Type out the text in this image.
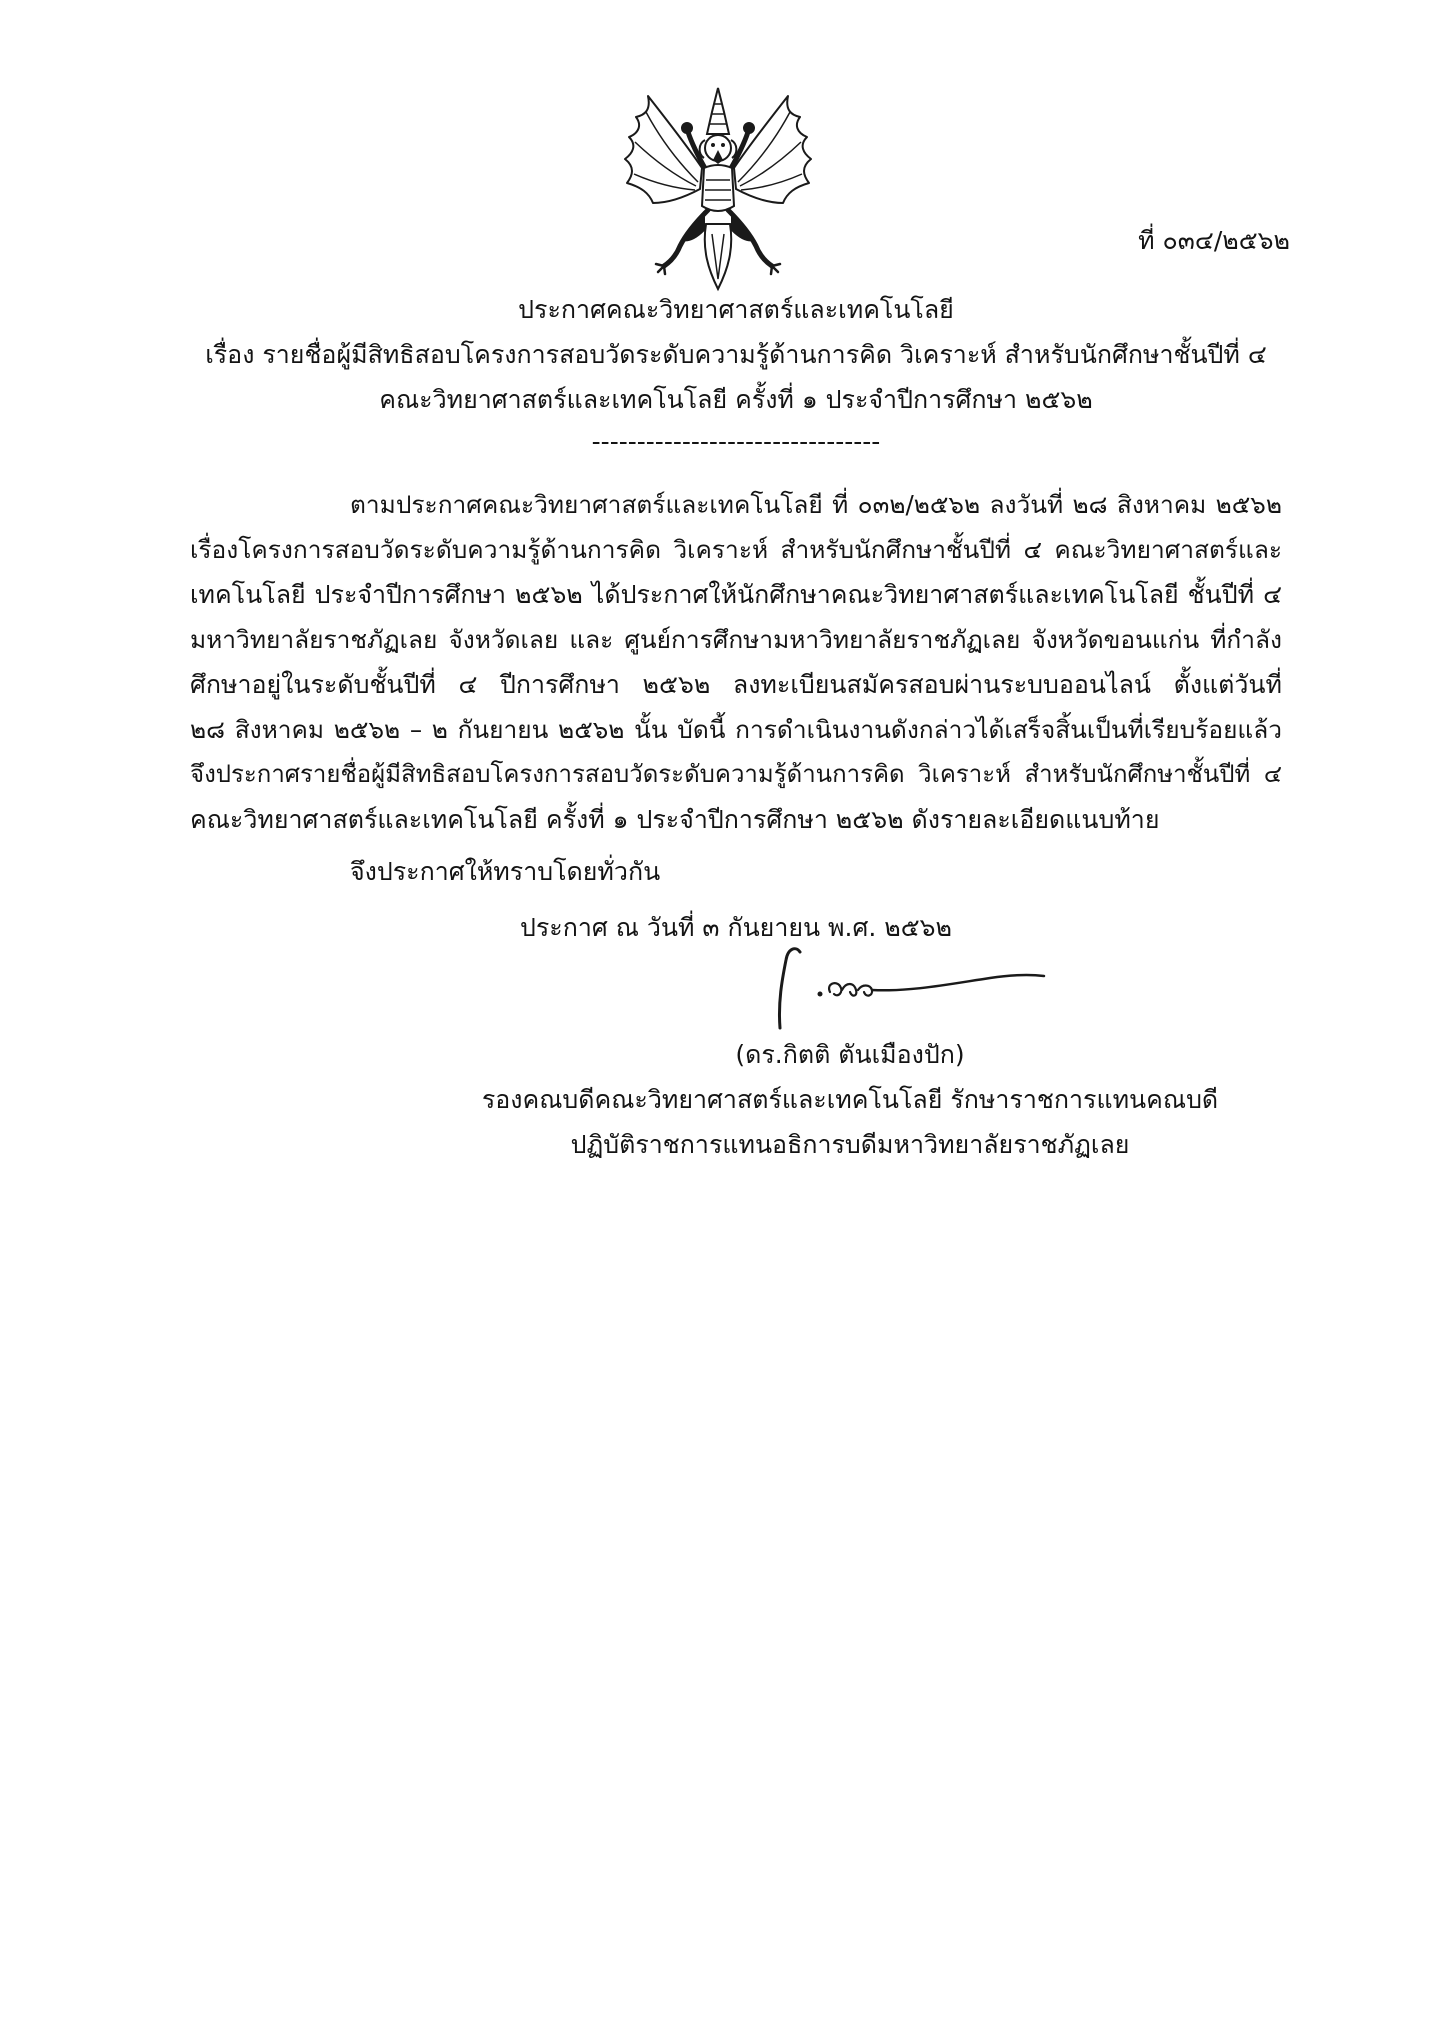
ที่ ๐๓๔/๒๕๖๒
ประกาศคณะวิทยาศาสตร์และเทคโนโลยี
เรื่อง รายชื่อผู้มีสิทธิสอบโครงการสอบวัดระดับความรู้ด้านการคิด วิเคราะห์ สำหรับนักศึกษาชั้นปีที่ ๔
คณะวิทยาศาสตร์และเทคโนโลยี ครั้งที่ ๑ ประจำปีการศึกษา ๒๕๖๒
--------------------------------
ตามประกาศคณะวิทยาศาสตร์และเทคโนโลยี ที่ ๐๓๒/๒๕๖๒ ลงวันที่ ๒๘ สิงหาคม ๒๕๖๒
เรื่องโครงการสอบวัดระดับความรู้ด้านการคิด วิเคราะห์ สำหรับนักศึกษาชั้นปีที่ ๔ คณะวิทยาศาสตร์และ
เทคโนโลยี ประจำปีการศึกษา ๒๕๖๒ ได้ประกาศให้นักศึกษาคณะวิทยาศาสตร์และเทคโนโลยี ชั้นปีที่ ๔
มหาวิทยาลัยราชภัฏเลย จังหวัดเลย และ ศูนย์การศึกษามหาวิทยาลัยราชภัฏเลย จังหวัดขอนแก่น ที่กำลัง
ศึกษาอยู่ในระดับชั้นปีที่ ๔ ปีการศึกษา ๒๕๖๒ ลงทะเบียนสมัครสอบผ่านระบบออนไลน์ ตั้งแต่วันที่
๒๘ สิงหาคม ๒๕๖๒ – ๒ กันยายน ๒๕๖๒ นั้น บัดนี้ การดำเนินงานดังกล่าวได้เสร็จสิ้นเป็นที่เรียบร้อยแล้ว
จึงประกาศรายชื่อผู้มีสิทธิสอบโครงการสอบวัดระดับความรู้ด้านการคิด วิเคราะห์ สำหรับนักศึกษาชั้นปีที่ ๔
คณะวิทยาศาสตร์และเทคโนโลยี ครั้งที่ ๑ ประจำปีการศึกษา ๒๕๖๒ ดังรายละเอียดแนบท้าย
จึงประกาศให้ทราบโดยทั่วกัน
ประกาศ ณ วันที่ ๓ กันยายน พ.ศ. ๒๕๖๒
(ดร.กิตติ ตันเมืองปัก)
รองคณบดีคณะวิทยาศาสตร์และเทคโนโลยี รักษาราชการแทนคณบดี
ปฏิบัติราชการแทนอธิการบดีมหาวิทยาลัยราชภัฏเลย
